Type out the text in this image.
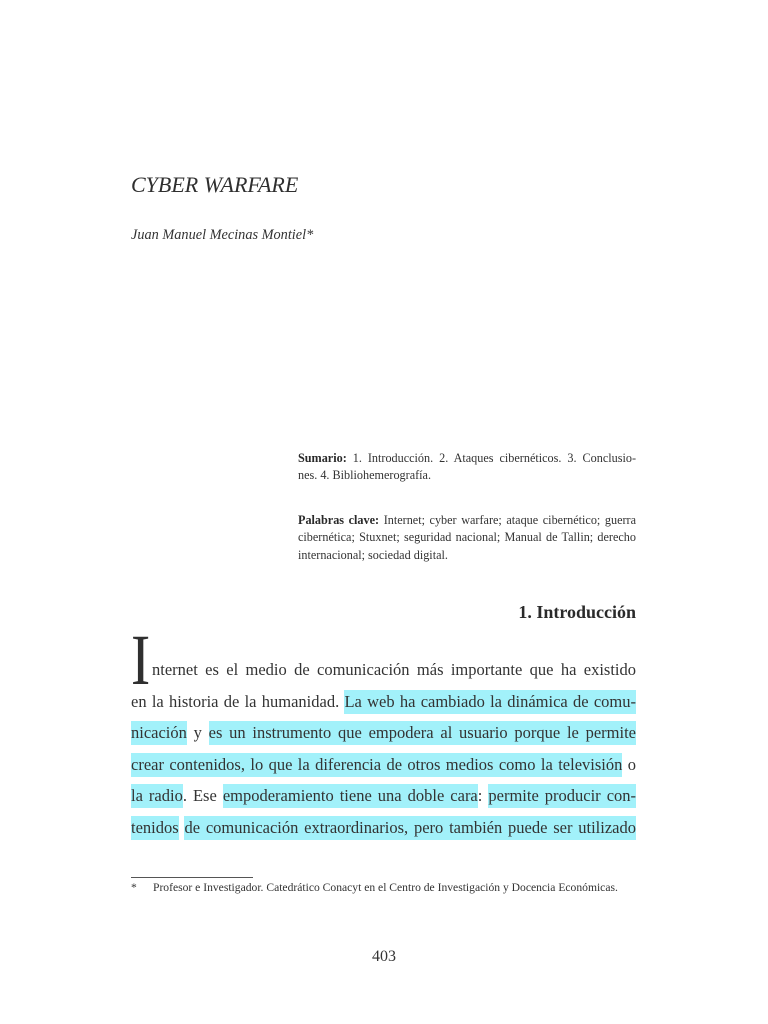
CYBER WARFARE
Juan Manuel Mecinas Montiel*
Sumario: 1. Introducción. 2. Ataques cibernéticos. 3. Conclusio-
nes. 4. Bibliohemerografía.
Palabras clave: Internet; cyber warfare; ataque cibernético; guerra
cibernética; Stuxnet; seguridad nacional; Manual de Tallin; derecho
internacional; sociedad digital.
1. Introducción
I nternet es el medio de comunicación más importante que ha existido
en la historia de la humanidad. La web ha cambiado la dinámica de comu-
nicación y es un instrumento que empodera al usuario porque le permite
crear contenidos, lo que la diferencia de otros medios como la televisión o
la radio. Ese empoderamiento tiene una doble cara: permite producir con-
tenidos de comunicación extraordinarios, pero también puede ser utilizado
* Profesor e Investigador. Catedrático Conacyt en el Centro de Investigación y Docencia Económicas.
403
